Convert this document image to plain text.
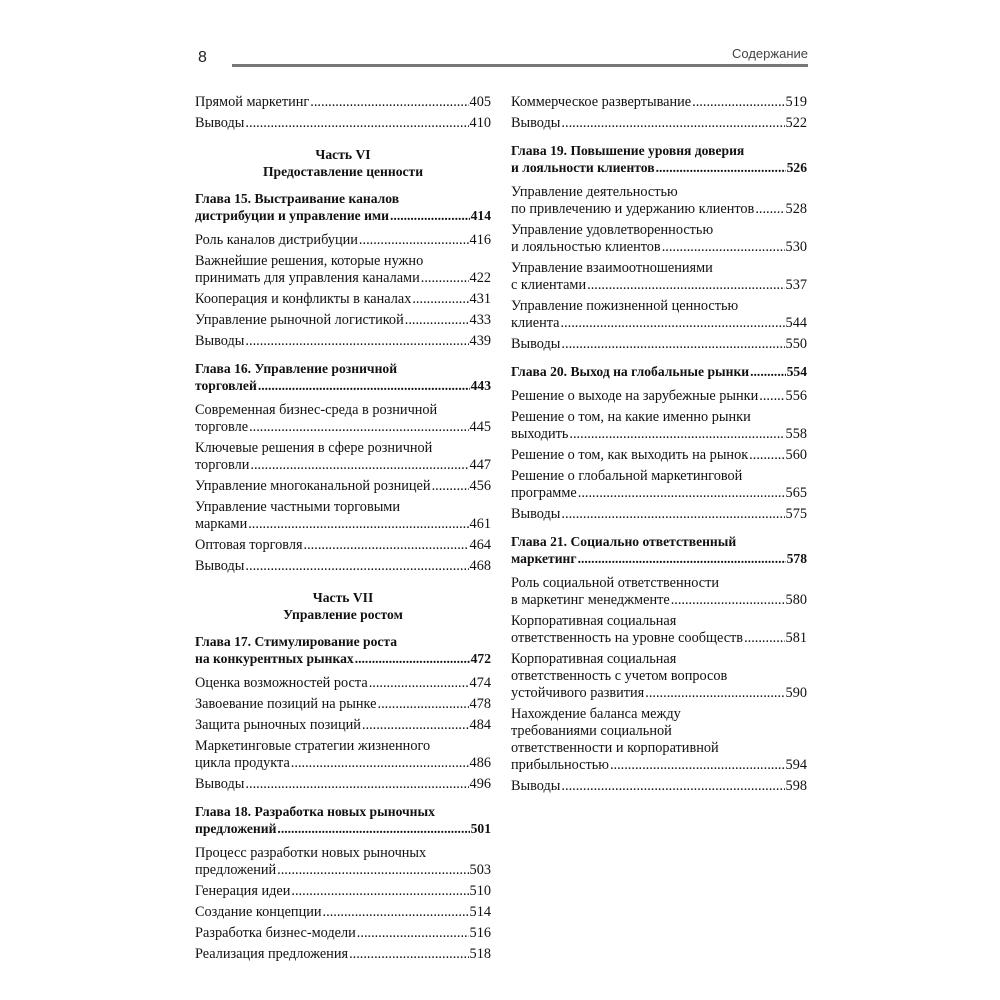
8	Содержание
Прямой маркетинг .....	405
Выводы .....	410
Часть VI
Предоставление ценности
Глава 15. Выстраивание каналов
дистрибуции и управление ими .....	414
Роль каналов дистрибуции .....	416
Важнейшие решения, которые нужно
принимать для управления каналами .....	422
Кооперация и конфликты в каналах .....	431
Управление рыночной логистикой .....	433
Выводы .....	439
Глава 16. Управление розничной
торговлей .....	443
Современная бизнес-среда в розничной
торговле .....	445
Ключевые решения в сфере розничной
торговли .....	447
Управление многоканальной розницей .....	456
Управление частными торговыми
марками .....	461
Оптовая торговля .....	464
Выводы .....	468
Часть VII
Управление ростом
Глава 17. Стимулирование роста
на конкурентных рынках .....	472
Оценка возможностей роста .....	474
Завоевание позиций на рынке .....	478
Защита рыночных позиций .....	484
Маркетинговые стратегии жизненного
цикла продукта .....	486
Выводы .....	496
Глава 18. Разработка новых рыночных
предложений .....	501
Процесс разработки новых рыночных
предложений .....	503
Генерация идеи .....	510
Создание концепции .....	514
Разработка бизнес-модели .....	516
Реализация предложения .....	518
Коммерческое развертывание .....	519
Выводы .....	522
Глава 19. Повышение уровня доверия
и лояльности клиентов .....	526
Управление деятельностью
по привлечению и удержанию клиентов ..... 528
Управление удовлетворенностью
и лояльностью клиентов .....	530
Управление взаимоотношениями
с клиентами .....	537
Управление пожизненной ценностью
клиента .....	544
Выводы .....	550
Глава 20. Выход на глобальные рынки .....	554
Решение о выходе на зарубежные рынки ..... 556
Решение о том, на какие именно рынки
выходить .....	558
Решение о том, как выходить на рынок .....	560
Решение о глобальной маркетинговой
программе .....	565
Выводы .....	575
Глава 21. Социально ответственный
маркетинг .....	578
Роль социальной ответственности
в маркетинг менеджменте .....	580
Корпоративная социальная
ответственность на уровне сообществ .....	581
Корпоративная социальная
ответственность с учетом вопросов
устойчивого развития .....	590
Нахождение баланса между
требованиями социальной
ответственности и корпоративной
прибыльностью .....	594
Выводы .....	598
